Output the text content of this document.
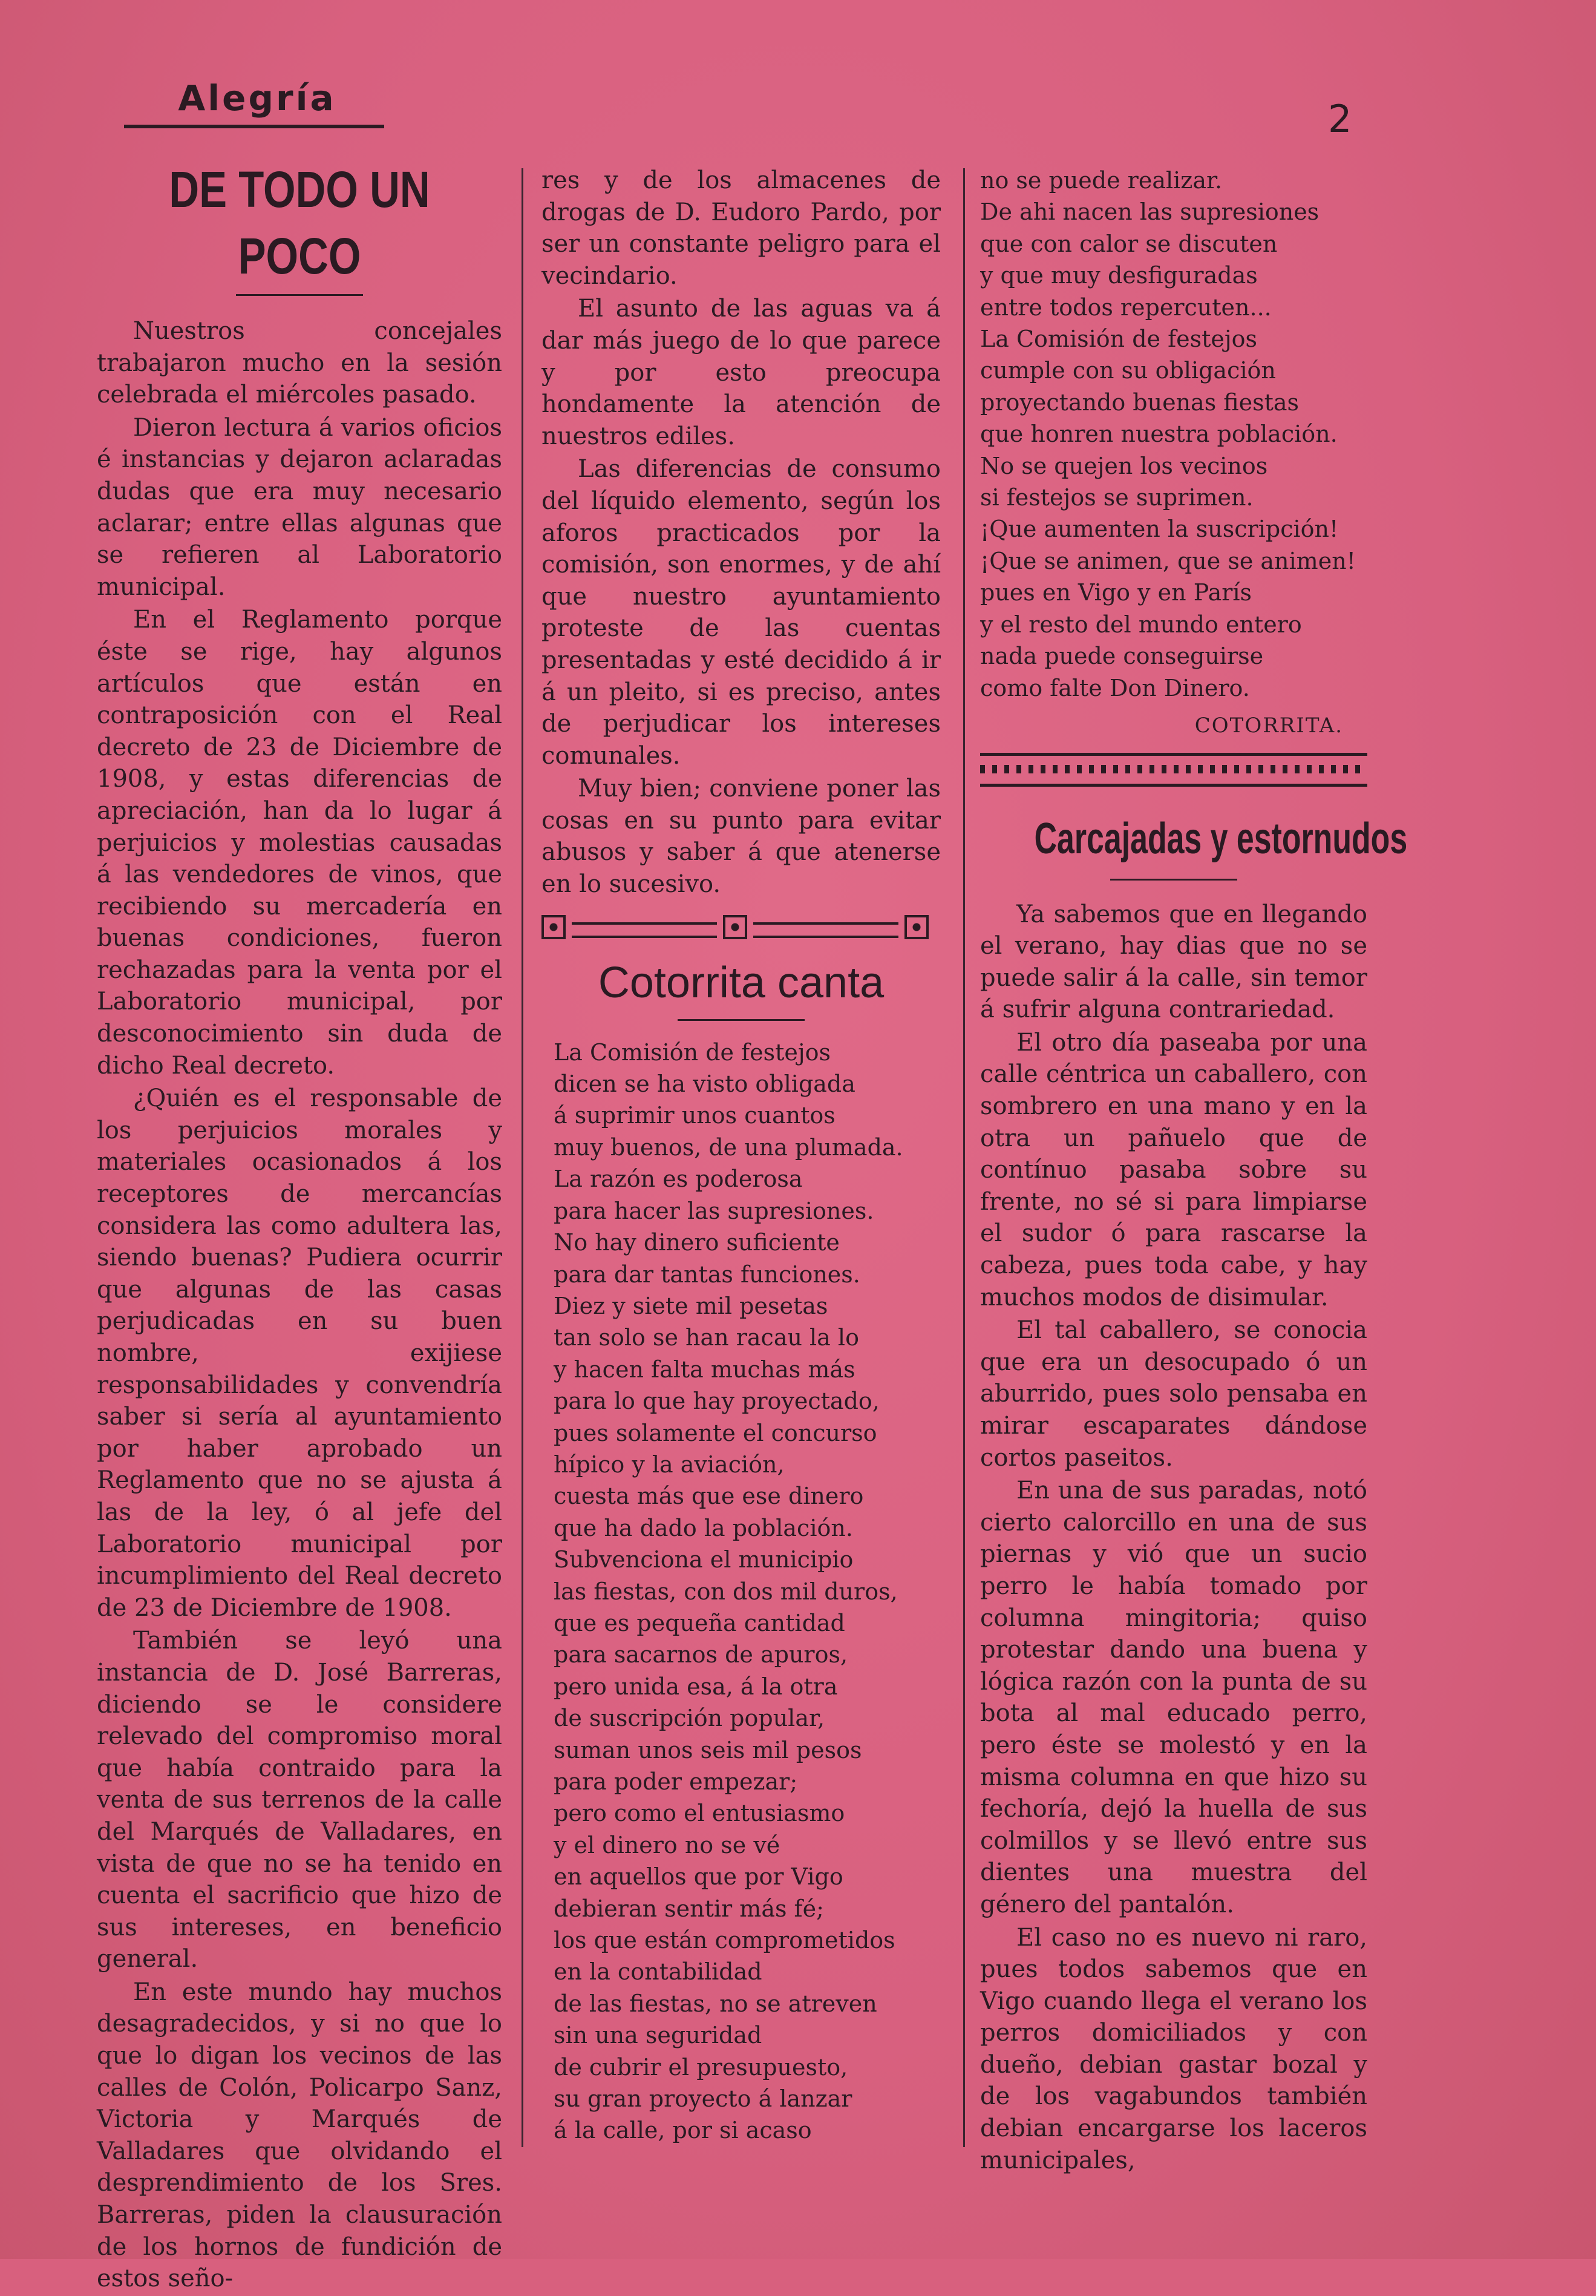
Alegría	2
DE TODO UN POCO

Nuestros concejales trabajaron mucho en la sesión celebrada el miércoles pasado.

Dieron lectura á varios oficios é instancias y dejaron aclaradas dudas que era muy necesario aclarar; entre ellas algunas que se refieren al Laboratorio municipal.

En el Reglamento porque éste se rige, hay algunos artículos que están en contraposición con el Real decreto de 23 de Diciembre de 1908, y estas diferencias de apreciación, han da lo lugar á perjuicios y molestias causadas á las vendedores de vinos, que recibiendo su mercadería en buenas condiciones, fueron rechazadas para la venta por el Laboratorio municipal, por desconocimiento sin duda de dicho Real decreto.

¿Quién es el responsable de los perjuicios morales y materiales ocasionados á los receptores de mercancías considera las como adultera las, siendo buenas? Pudiera ocurrir que algunas de las casas perjudicadas en su buen nombre, exijiese responsabilidades y convendría saber si sería al ayuntamiento por haber aprobado un Reglamento que no se ajusta á las de la ley, ó al jefe del Laboratorio municipal por incumplimiento del Real decreto de 23 de Diciembre de 1908.

También se leyó una instancia de D. José Barreras, diciendo se le considere relevado del compromiso moral que había contraido para la venta de sus terrenos de la calle del Marqués de Valladares, en vista de que no se ha tenido en cuenta el sacrificio que hizo de sus intereses, en beneficio general.

En este mundo hay muchos desagradecidos, y si no que lo que lo digan los vecinos de las calles de Colón, Policarpo Sanz, Victoria y Marqués de Valladares que olvidando el desprendimiento de los Sres. Barreras, piden la clausuración de los hornos de fundición de estos seño-

res y de los almacenes de drogas de D. Eudoro Pardo, por ser un constante peligro para el vecindario.

El asunto de las aguas va á dar más juego de lo que parece y por esto preocupa hondamente la atención de nuestros ediles.

Las diferencias de consumo del líquido elemento, según los aforos practicados por la comisión, son enormes, y de ahí que nuestro ayuntamiento proteste de las cuentas presentadas y esté decidido á ir á un pleito, si es preciso, antes de perjudicar los intereses comunales.

Muy bien; conviene poner las cosas en su punto para evitar abusos y saber á que atenerse en lo sucesivo.

Cotorrita canta
La Comisión de festejos
dicen se ha visto obligada
á suprimir unos cuantos
muy buenos, de una plumada.
La razón es poderosa
para hacer las supresiones.
No hay dinero suficiente
para dar tantas funciones.
Diez y siete mil pesetas
tan solo se han racau la lo
y hacen falta muchas más
para lo que hay proyectado,
pues solamente el concurso
hípico y la aviación,
cuesta más que ese dinero
que ha dado la población.
Subvenciona el municipio
las fiestas, con dos mil duros,
que es pequeña cantidad
para sacarnos de apuros,
pero unida esa, á la otra
de suscripción popular,
suman unos seis mil pesos
para poder empezar;
pero como el entusiasmo
y el dinero no se vé
en aquellos que por Vigo
debieran sentir más fé;
los que están comprometidos
en la contabilidad
de las fiestas, no se atreven
sin una seguridad
de cubrir el presupuesto,
su gran proyecto á lanzar
á la calle, por si acaso
no se puede realizar.
De ahi nacen las supresiones
que con calor se discuten
y que muy desfiguradas
entre todos repercuten...
La Comisión de festejos
cumple con su obligación
proyectando buenas fiestas
que honren nuestra población.
No se quejen los vecinos
si festejos se suprimen.
¡Que aumenten la suscripción!
¡Que se animen, que se animen!
pues en Vigo y en París
y el resto del mundo entero
nada puede conseguirse
como falte Don Dinero.
COTORRITA.
Carcajadas y estornudos

Ya sabemos que en llegando el verano, hay dias que no se puede salir á la calle, sin temor á sufrir alguna contrariedad.

El otro día paseaba por una calle céntrica un caballero, con sombrero en una mano y en la otra un pañuelo que de contínuo pasaba sobre su frente, no sé si para limpiarse el sudor ó para rascarse la cabeza, pues toda cabe, y hay muchos modos de disimular.

El tal caballero, se conocia que era un desocupado ó un aburrido, pues solo pensaba en mirar escaparates dándose cortos paseitos.

En una de sus paradas, notó cierto calorcillo en una de sus piernas y vió que un sucio perro le había tomado por columna mingitoria; quiso protestar dando una buena y lógica razón con la punta de su bota al mal educado perro, pero éste se molestó y en la misma columna en que hizo su fechoría, dejó la huella de sus colmillos y se llevó entre sus dientes una muestra del género del pantalón.

El caso no es nuevo ni raro, pues todos sabemos que en Vigo cuando llega el verano los perros domiciliados y con dueño, debian gastar bozal y de los vagabundos también debian encargarse los laceros municipales,
